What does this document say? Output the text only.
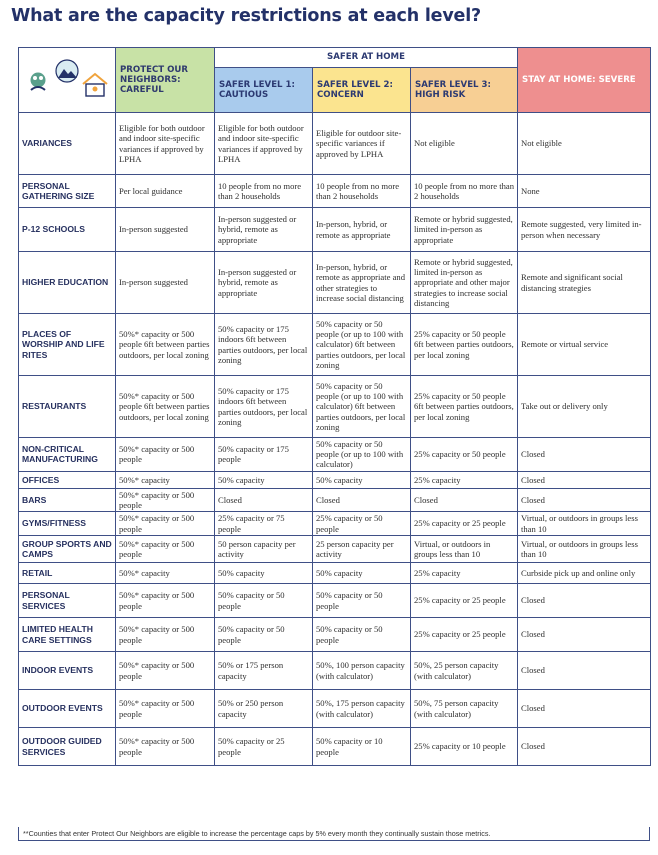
What are the capacity restrictions at each level?
	PROTECT OUR NEIGHBORS: CAREFUL	SAFER AT HOME			STAY AT HOME: SEVERE
		SAFER LEVEL 1: CAUTIOUS	SAFER LEVEL 2: CONCERN	SAFER LEVEL 3: HIGH RISK	
VARIANCES	Eligible for both outdoor and indoor site-specific variances if approved by LPHA	Eligible for both outdoor and indoor site-specific variances if approved by LPHA	Eligible for outdoor site-specific variances if approved by LPHA	Not eligible	Not eligible
PERSONAL GATHERING SIZE	Per local guidance	10 people from no more than 2 households	10 people from no more than 2 households	10 people from no more than 2 households	None
P-12 SCHOOLS	In-person suggested	In-person suggested or hybrid, remote as appropriate	In-person, hybrid, or remote as appropriate	Remote or hybrid suggested, limited in-person as appropriate	Remote suggested, very limited in-person when necessary
HIGHER EDUCATION	In-person suggested	In-person suggested or hybrid, remote as appropriate	In-person, hybrid, or remote as appropriate and other strategies to increase social distancing	Remote or hybrid suggested, limited in-person as appropriate and other major strategies to increase social distancing	Remote and significant social distancing strategies
PLACES OF WORSHIP AND LIFE RITES	50%* capacity or 500 people 6ft between parties outdoors, per local zoning	50% capacity or 175 indoors 6ft between parties outdoors, per local zoning	50% capacity or 50 people (or up to 100 with calculator) 6ft between parties outdoors, per local zoning	25% capacity or 50 people 6ft between parties outdoors, per local zoning	Remote or virtual service
RESTAURANTS	50%* capacity or 500 people 6ft between parties outdoors, per local zoning	50% capacity or 175 indoors 6ft between parties outdoors, per local zoning	50% capacity or 50 people (or up to 100 with calculator) 6ft between parties outdoors, per local zoning	25% capacity or 50 people 6ft between parties outdoors, per local zoning	Take out or delivery only
NON-CRITICAL MANUFACTURING	50%* capacity or 500 people	50% capacity or 175 people	50% capacity or 50 people (or up to 100 with calculator)	25% capacity or 50 people	Closed
OFFICES	50%* capacity	50% capacity	50% capacity	25% capacity	Closed
BARS	50%* capacity or 500 people	Closed	Closed	Closed	Closed
GYMS/FITNESS	50%* capacity or 500 people	25% capacity or 75 people	25% capacity or 50 people	25% capacity or 25 people	Virtual, or outdoors in groups less than 10
GROUP SPORTS AND CAMPS	50%* capacity or 500 people	50 person capacity per activity	25 person capacity per activity	Virtual, or outdoors in groups less than 10	Virtual, or outdoors in groups less than 10
RETAIL	50%* capacity	50% capacity	50% capacity	25% capacity	Curbside pick up and online only
PERSONAL SERVICES	50%* capacity or 500 people	50% capacity or 50 people	50% capacity or 50 people	25% capacity or 25 people	Closed
LIMITED HEALTH CARE SETTINGS	50%* capacity or 500 people	50% capacity or 50 people	50% capacity or 50 people	25% capacity or 25 people	Closed
INDOOR EVENTS	50%* capacity or 500 people	50% or 175 person capacity	50%, 100 person capacity (with calculator)	50%, 25 person capacity (with calculator)	Closed
OUTDOOR EVENTS	50%* capacity or 500 people	50% or 250 person capacity	50%, 175 person capacity (with calculator)	50%, 75 person capacity (with calculator)	Closed
OUTDOOR GUIDED SERVICES	50%* capacity or 500 people	50% capacity or 25 people	50% capacity or 10 people	25% capacity or 10 people	Closed
**Counties that enter Protect Our Neighbors are eligible to increase the percentage caps by 5% every month they continually sustain those metrics.
